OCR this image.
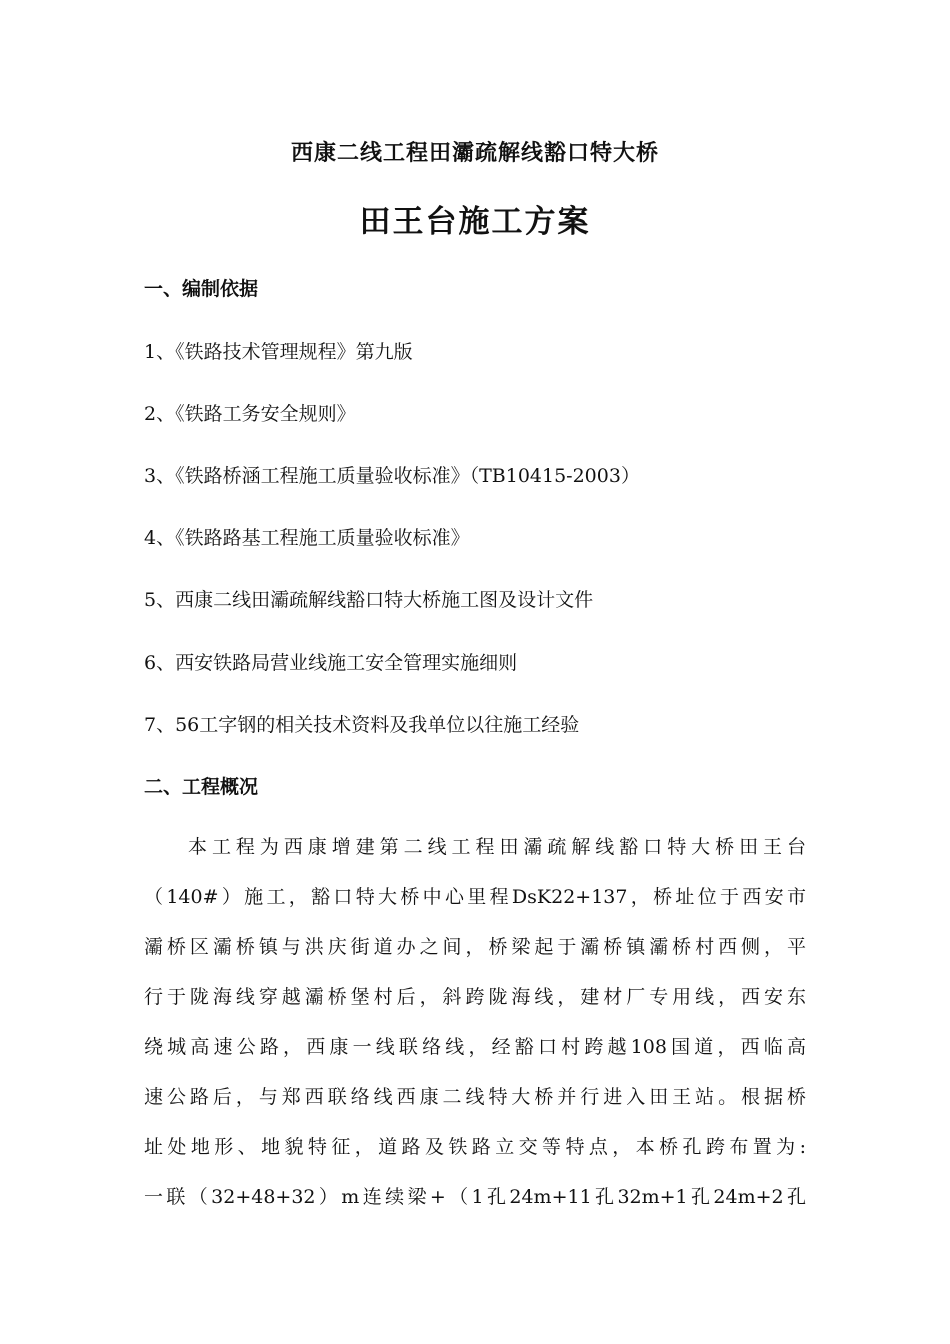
西康二线工程田灞疏解线豁口特大桥
田王台施工方案
一、编制依据
1、《铁路技术管理规程》第九版
2、《铁路工务安全规则》
3、《铁路桥涵工程施工质量验收标准》（TB10415-2003）
4、《铁路路基工程施工质量验收标准》
5、西康二线田灞疏解线豁口特大桥施工图及设计文件
6、西安铁路局营业线施工安全管理实施细则
7、56工字钢的相关技术资料及我单位以往施工经验
二、工程概况
本工程为西康增建第二线工程田灞疏解线豁口特大桥田王台
（140#）施工，豁口特大桥中心里程DsK22+137，桥址位于西安市
灞桥区灞桥镇与洪庆街道办之间，桥梁起于灞桥镇灞桥村西侧，平
行于陇海线穿越灞桥堡村后，斜跨陇海线，建材厂专用线，西安东
绕城高速公路，西康一线联络线，经豁口村跨越108国道，西临高
速公路后，与郑西联络线西康二线特大桥并行进入田王站。根据桥
址处地形、地貌特征，道路及铁路立交等特点，本桥孔跨布置为:
一联（32+48+32）m连续梁+（1孔24m+11孔32m+1孔24m+2孔
